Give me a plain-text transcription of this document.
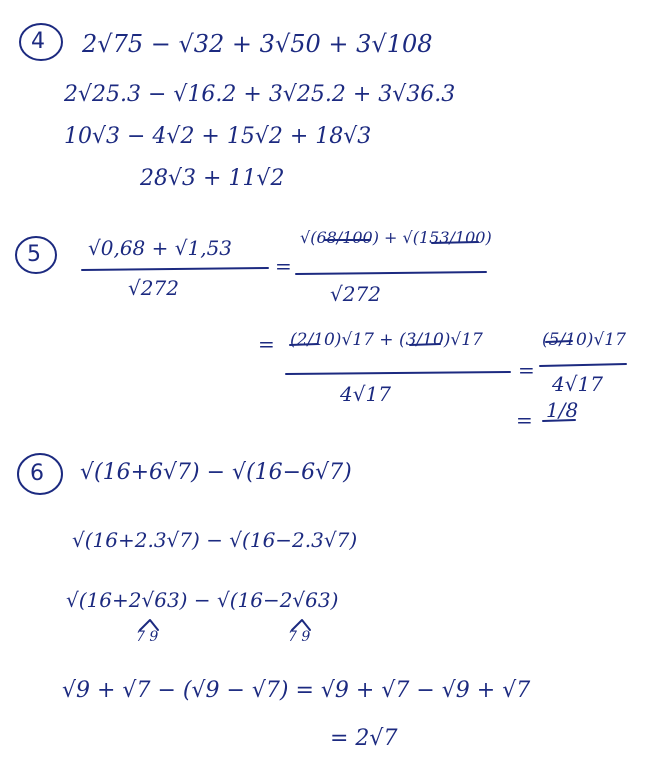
4
5
6
2√75 − √32 + 3√50 + 3√108
2√25.3 − √16.2 + 3√25.2 + 3√36.3
10√3 − 4√2 + 15√2 + 18√3
28√3 + 11√2
√0,68 + √1,53
√272
=
√(68/100) + √(153/100)
√272
= (2/10)√17 + (3/10)√17
4√17
=
(5/10)√17
4√17
= 1/8
√(16+6√7) − √(16−6√7)
√(16+2.3√7) − √(16−2.3√7)
√(16+2√63) − √(16−2√63)
7 9	7 9
√9 + √7 − (√9 − √7) = √9 + √7 − √9 + √7
= 2√7
